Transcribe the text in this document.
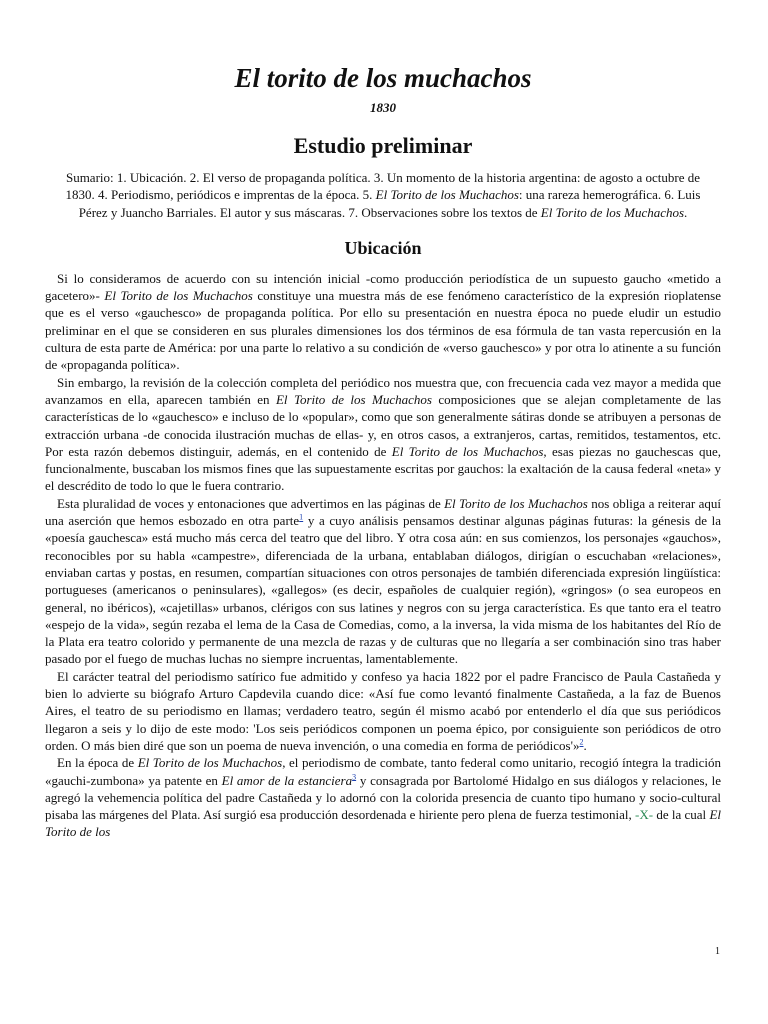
El torito de los muchachos
1830
Estudio preliminar

Sumario: 1. Ubicación. 2. El verso de propaganda política. 3. Un momento de la historia argentina: de agosto a octubre de 1830. 4. Periodismo, periódicos e imprentas de la época. 5. El Torito de los Muchachos: una rareza hemerográfica. 6. Luis Pérez y Juancho Barriales. El autor y sus máscaras. 7. Observaciones sobre los textos de El Torito de los Muchachos.

Ubicación

Si lo consideramos de acuerdo con su intención inicial -como producción periodística de un supuesto gaucho «metido a gacetero»- El Torito de los Muchachos constituye una muestra más de ese fenómeno característico de la expresión rioplatense que es el verso «gauchesco» de propaganda política. Por ello su presentación en nuestra época no puede eludir un estudio preliminar en el que se consideren en sus plurales dimensiones los dos términos de esa fórmula de tan vasta repercusión en la cultura de esta parte de América: por una parte lo relativo a su condición de «verso gauchesco» y por otra lo atinente a su función de «propaganda política».

Sin embargo, la revisión de la colección completa del periódico nos muestra que, con frecuencia cada vez mayor a medida que avanzamos en ella, aparecen también en El Torito de los Muchachos composiciones que se alejan completamente de las características de lo «gauchesco» e incluso de lo «popular», como que son generalmente sátiras donde se atribuyen a personas de extracción urbana -de conocida ilustración muchas de ellas- y, en otros casos, a extranjeros, cartas, remitidos, testamentos, etc. Por esta razón debemos distinguir, además, en el contenido de El Torito de los Muchachos, esas piezas no gauchescas que, funcionalmente, buscaban los mismos fines que las supuestamente escritas por gauchos: la exaltación de la causa federal «neta» y el descrédito de todo lo que le fuera contrario.

Esta pluralidad de voces y entonaciones que advertimos en las páginas de El Torito de los Muchachos nos obliga a reiterar aquí una aserción que hemos esbozado en otra parte$^1$ y a cuyo análisis pensamos destinar algunas páginas futuras: la génesis de la «poesía gauchesca» está mucho más cerca del teatro que del libro. Y otra cosa aún: en sus comienzos, los personajes «gauchos», reconocibles por su habla «campestre», diferenciada de la urbana, entablaban diálogos, dirigían o escuchaban «relaciones», enviaban cartas y postas, en resumen, compartían situaciones con otros personajes de también diferenciada expresión lingüística: portugueses (americanos o peninsulares), «gallegos» (es decir, españoles de cualquier región), «gringos» (o sea europeos en general, no ibéricos), «cajetillas» urbanos, clérigos con sus latines y negros con su jerga característica. Es que tanto era el teatro «espejo de la vida», según rezaba el lema de la Casa de Comedias, como, a la inversa, la vida misma de los habitantes del Río de la Plata era teatro colorido y permanente de una mezcla de razas y de culturas que no llegaría a ser combinación sino tras haber pasado por el fuego de muchas luchas no siempre incruentas, lamentablemente.

El carácter teatral del periodismo satírico fue admitido y confeso ya hacia 1822 por el padre Francisco de Paula Castañeda y bien lo advierte su biógrafo Arturo Capdevila cuando dice: «Así fue como levantó finalmente Castañeda, a la faz de Buenos Aires, el teatro de su periodismo en llamas; verdadero teatro, según él mismo acabó por entenderlo el día que sus periódicos llegaron a seis y lo dijo de este modo: 'Los seis periódicos componen un poema épico, por consiguiente son periódicos de otro orden. O más bien diré que son un poema de nueva invención, o una comedia en forma de periódicos'»$^2$.

En la época de El Torito de los Muchachos, el periodismo de combate, tanto federal como unitario, recogió íntegra la tradición «gauchi-zumbona» ya patente en El amor de la estanciera$^3$ y consagrada por Bartolomé Hidalgo en sus diálogos y relaciones, le agregó la vehemencia política del padre Castañeda y lo adornó con la colorida presencia de cuanto tipo humano y socio-cultural pisaba las márgenes del Plata. Así surgió esa producción desordenada e hiriente pero plena de fuerza testimonial, -X- de la cual El Torito de los

1
